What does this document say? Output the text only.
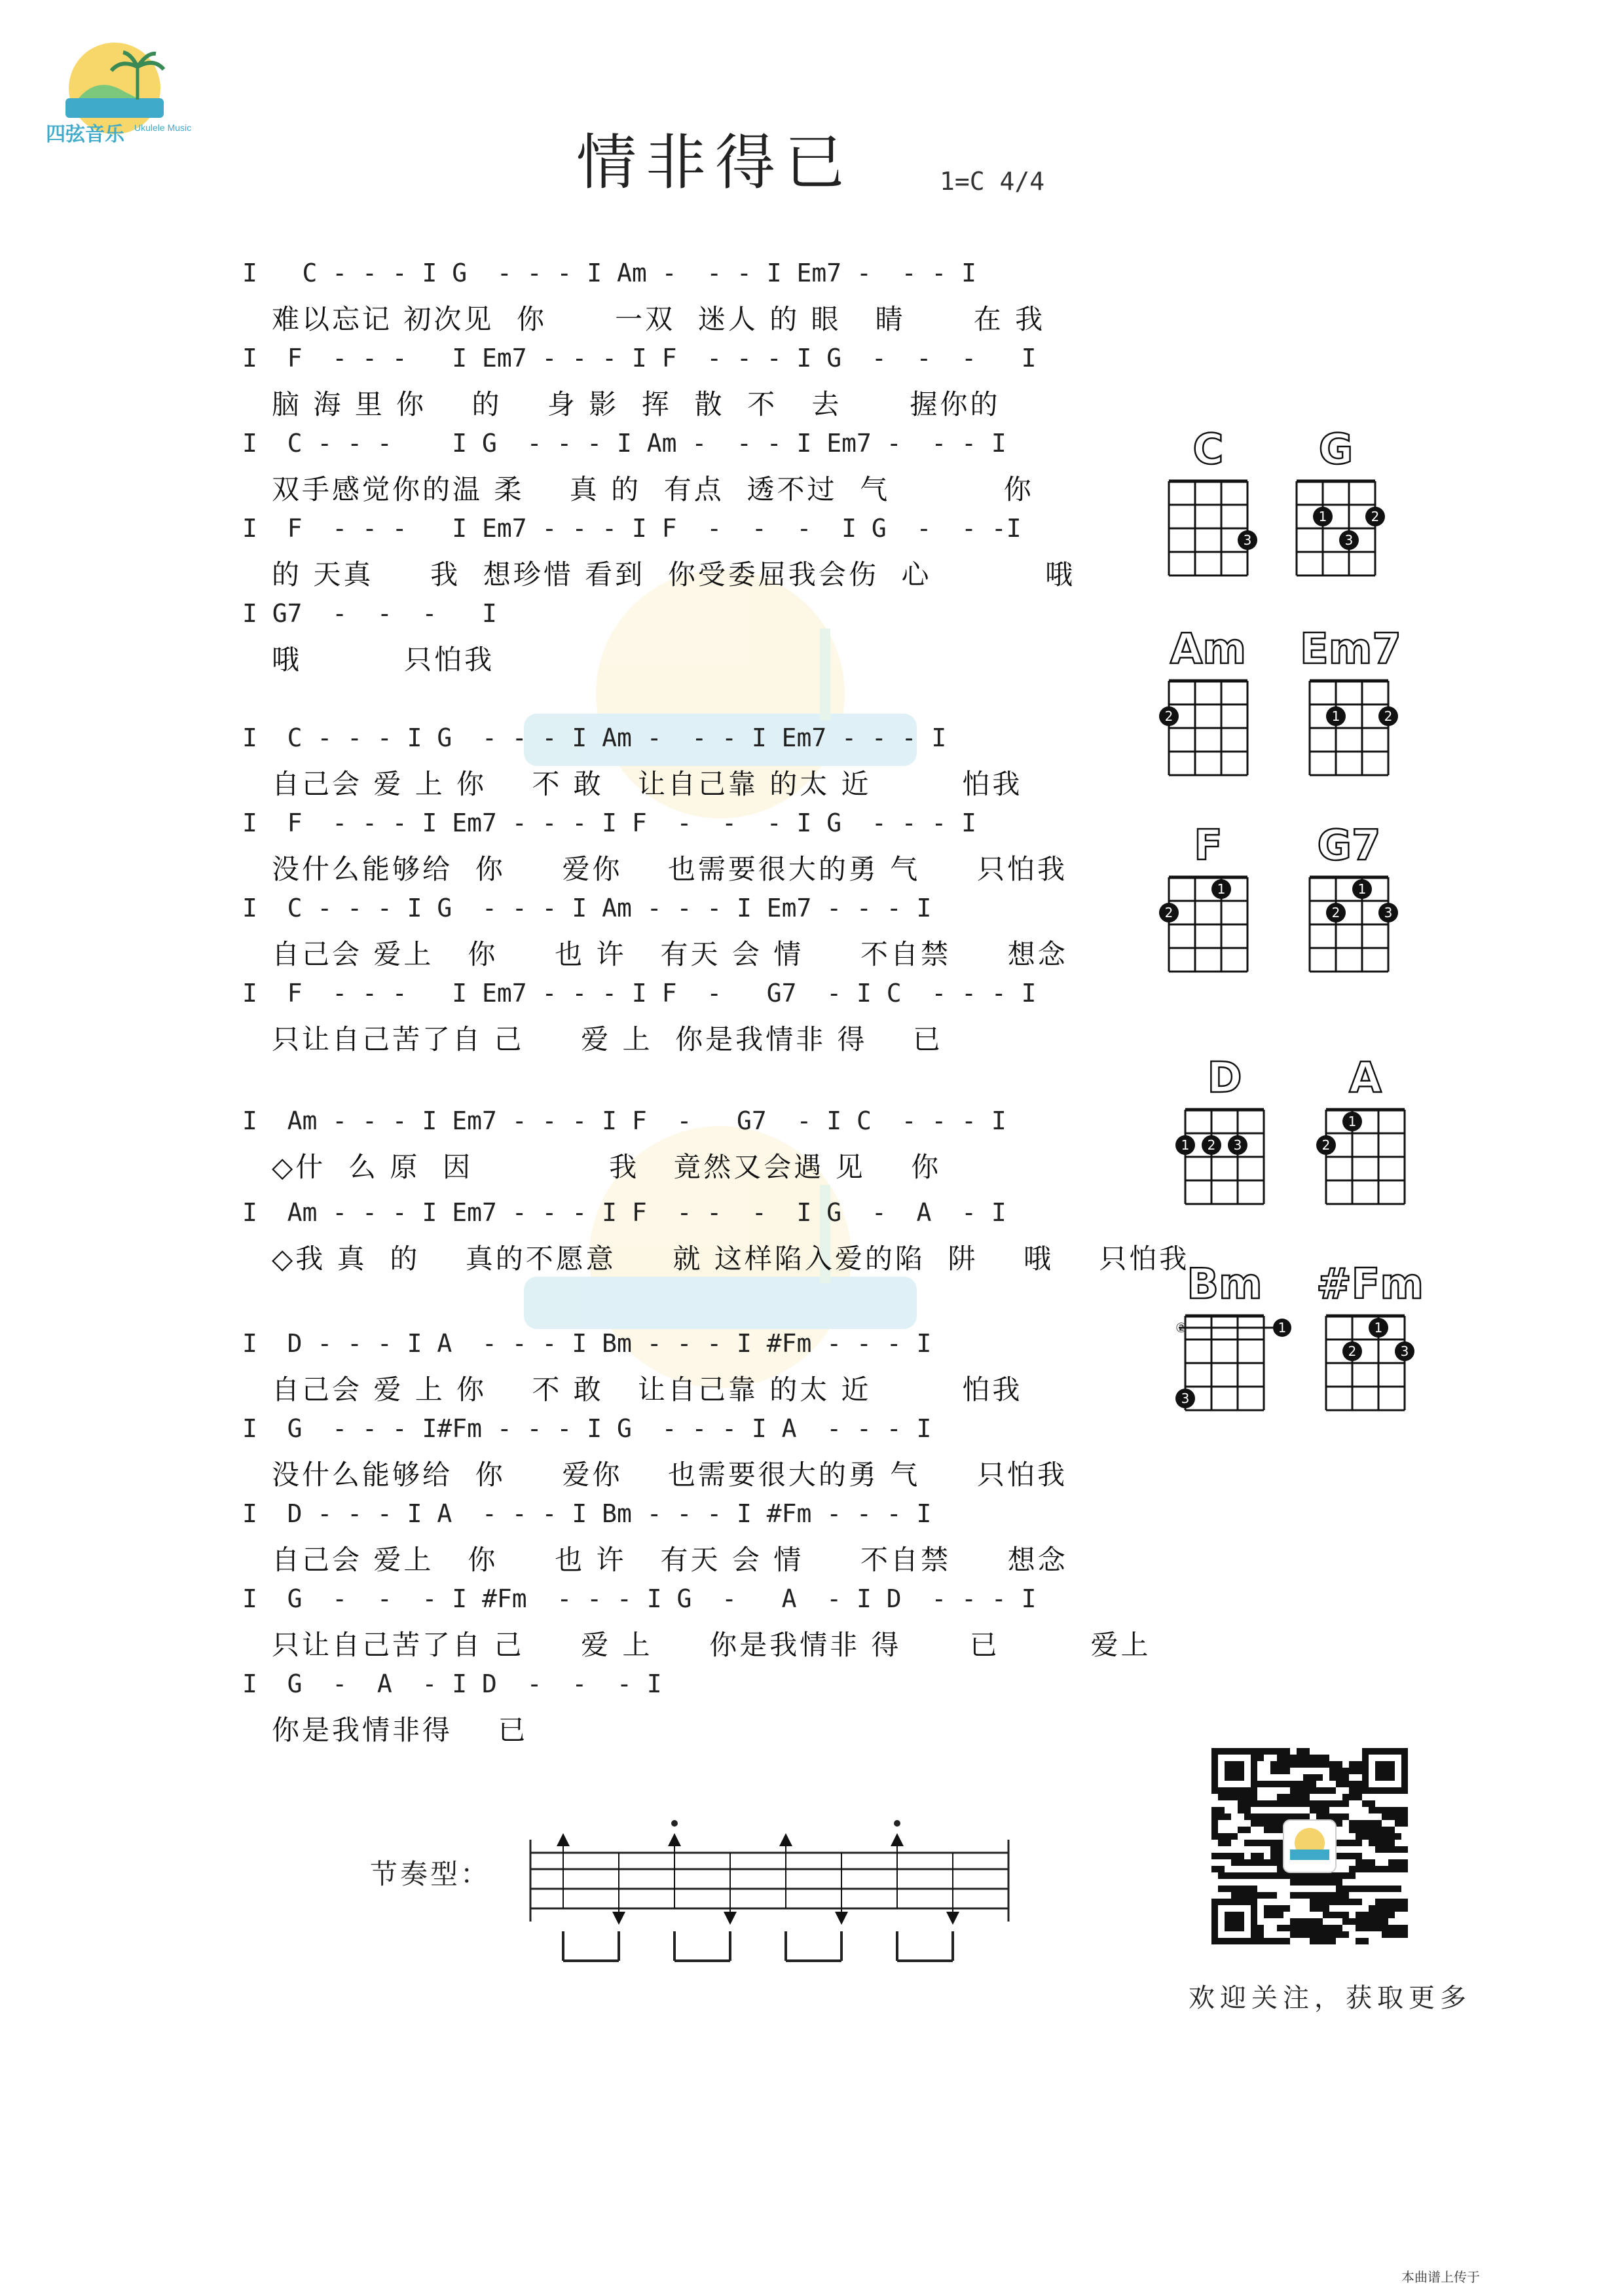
四弦音乐 Ukulele Music	情非得已	1=C 4/4
I   C - - - I G  - - - I Am -  - - I Em7 -  - - I
难以忘记 初次见  你      一双  迷人 的 眼   睛      在 我
I  F  - - -   I Em7 - - - I F  - - - I G  -  -  -   I
脑 海 里 你    的    身 影  挥  散  不   去      握你的
I  C - - -    I G  - - - I Am -  - - I Em7 -  - - I
双手感觉你的温 柔    真 的  有点  透不过  气          你
I  F  - - -   I Em7 - - - I F  -  -  -  I G  -  - -I
的 天真     我  想珍惜 看到  你受委屈我会伤  心          哦
I G7  -  -  -   I
哦         只怕我
I  C - - - I G  - - - I Am -  - - I Em7 - - - I
自己会 爱 上 你    不 敢   让自己靠 的太 近        怕我
I  F  - - - I Em7 - - - I F  -  -  - I G  - - - I
没什么能够给  你     爱你    也需要很大的勇 气     只怕我
I  C - - - I G  - - - I Am - - - I Em7 - - - I
自己会 爱上   你     也 许   有天 会 情     不自禁     想念
I  F  - - -   I Em7 - - - I F  -   G7  - I C  - - - I
只让自己苦了自 己     爱 上  你是我情非 得    已
I  Am - - - I Em7 - - - I F  -   G7  - I C  - - - I
◇什  么 原  因            我   竟然又会遇 见    你
I  Am - - - I Em7 - - - I F  - -  -  I G  -  A  - I
◇我 真  的    真的不愿意     就 这样陷入爱的陷  阱    哦    只怕我
I  D - - - I A  - - - I Bm - - - I #Fm - - - I
自己会 爱 上 你    不 敢   让自己靠 的太 近        怕我
I  G  - - - I#Fm - - - I G  - - - I A  - - - I
没什么能够给  你     爱你    也需要很大的勇 气     只怕我
I  D - - - I A  - - - I Bm - - - I #Fm - - - I
自己会 爱上   你     也 许   有天 会 情     不自禁     想念
I  G  -  -  - I #Fm  - - - I G  -   A  - I D  - - - I
只让自己苦了自 己     爱 上     你是我情非 得      已        爱上
I  G  -  A  - I D  -  -  - I
你是我情非得    已
C
3
G
1	2
3
Am
2
Em7
1	2
F
1
2
G7
1
2	3
D
1 2 3
A
1
2
Bm
1
②
3
#Fm
1
2	3
节奏型：
欢迎关注，获取更多
本曲谱上传于
